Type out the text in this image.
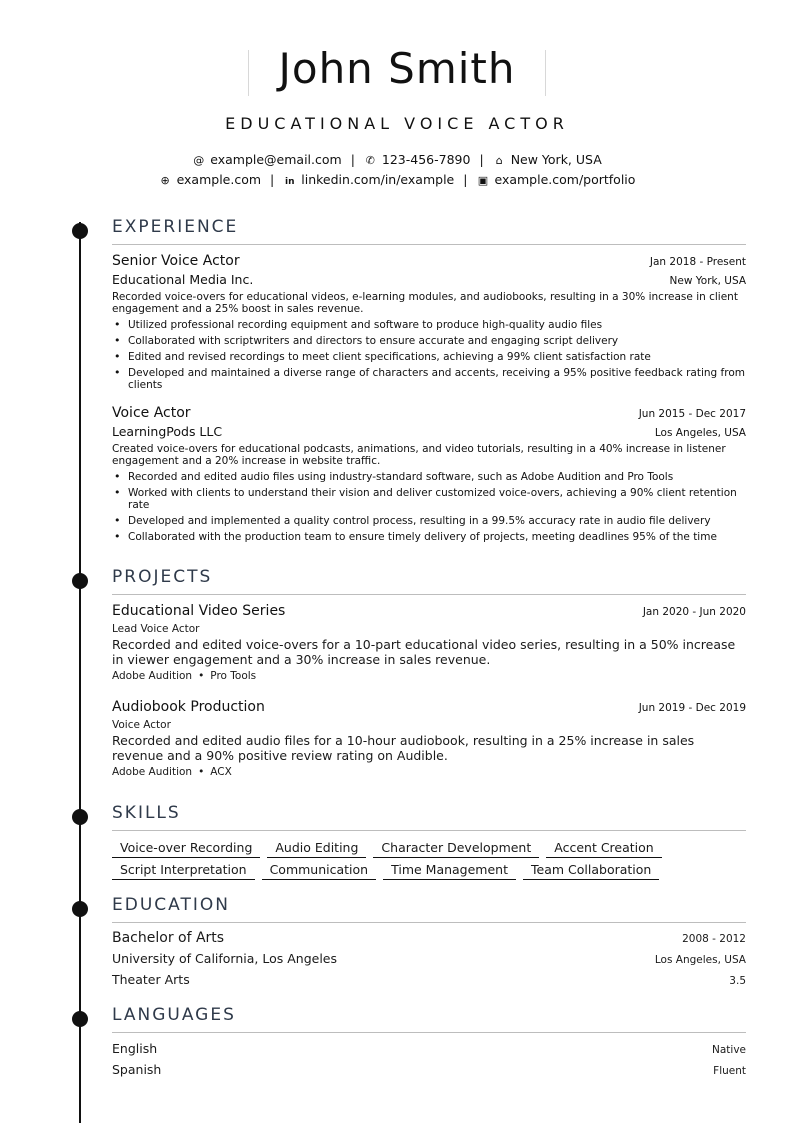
John Smith
EDUCATIONAL VOICE ACTOR
@ example@email.com | ✆ 123-456-7890 | ⌂ New York, USA
⊕ example.com | in linkedin.com/in/example | ▣ example.com/portfolio
EXPERIENCE
Senior Voice Actor	Jan 2018 - Present
Educational Media Inc.	New York, USA
Recorded voice-overs for educational videos, e-learning modules, and audiobooks, resulting in a 30% increase in client engagement and a 25% boost in sales revenue.
• Utilized professional recording equipment and software to produce high-quality audio files
• Collaborated with scriptwriters and directors to ensure accurate and engaging script delivery
• Edited and revised recordings to meet client specifications, achieving a 99% client satisfaction rate
• Developed and maintained a diverse range of characters and accents, receiving a 95% positive feedback rating from clients
Voice Actor	Jun 2015 - Dec 2017
LearningPods LLC	Los Angeles, USA
Created voice-overs for educational podcasts, animations, and video tutorials, resulting in a 40% increase in listener engagement and a 20% increase in website traffic.
• Recorded and edited audio files using industry-standard software, such as Adobe Audition and Pro Tools
• Worked with clients to understand their vision and deliver customized voice-overs, achieving a 90% client retention rate
• Developed and implemented a quality control process, resulting in a 99.5% accuracy rate in audio file delivery
• Collaborated with the production team to ensure timely delivery of projects, meeting deadlines 95% of the time
PROJECTS
Educational Video Series	Jan 2020 - Jun 2020
Lead Voice Actor
Recorded and edited voice-overs for a 10-part educational video series, resulting in a 50% increase in viewer engagement and a 30% increase in sales revenue.
Adobe Audition • Pro Tools
Audiobook Production	Jun 2019 - Dec 2019
Voice Actor
Recorded and edited audio files for a 10-hour audiobook, resulting in a 25% increase in sales revenue and a 90% positive review rating on Audible.
Adobe Audition • ACX
SKILLS
Voice-over Recording	Audio Editing	Character Development	Accent Creation
Script Interpretation	Communication	Time Management	Team Collaboration
EDUCATION
Bachelor of Arts	2008 - 2012
University of California, Los Angeles	Los Angeles, USA
Theater Arts	3.5
LANGUAGES
English	Native
Spanish	Fluent
